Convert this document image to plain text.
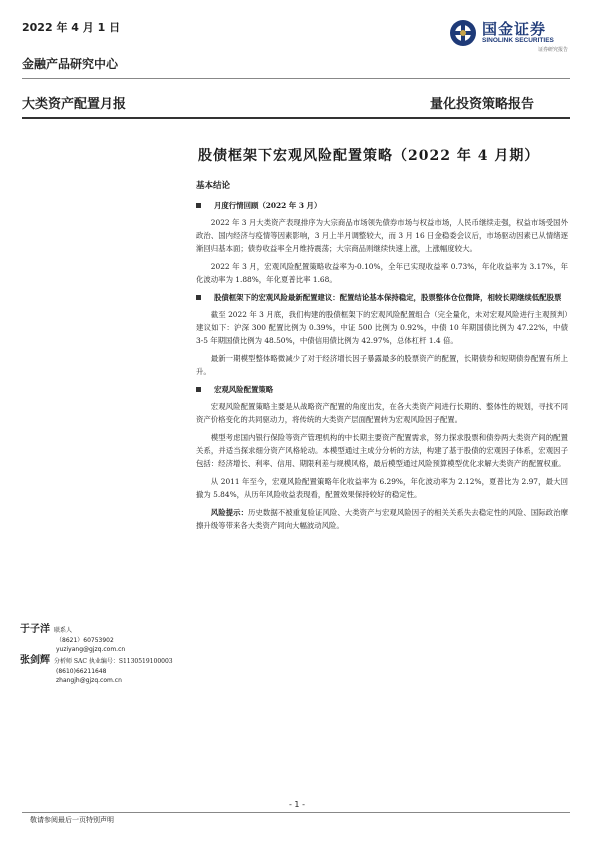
2022 年 4 月 1 日	国金证券
SINOLINK SECURITIES
证券研究报告
金融产品研究中心
大类资产配置月报	量化投资策略报告
股债框架下宏观风险配置策略（2022 年 4 月期）
基本结论
月度行情回顾（2022 年 3 月）

2022 年 3 月大类资产表现排序为大宗商品市场领先债券市场与权益市场，人民币继续走强，权益市场受国外政治、国内经济与疫情等因素影响，3 月上半月调整较大，而 3 月 16 日金稳委会议后，市场驱动因素已从情绪逐渐回归基本面；债券收益率全月维持震荡；大宗商品则继续快速上涨，上涨幅度较大。

2022 年 3 月，宏观风险配置策略收益率为-0.10%，全年已实现收益率 0.73%，年化收益率为 3.17%，年化波动率为 1.88%，年化夏普比率 1.68。

股债框架下的宏观风险最新配置建议：配置结论基本保持稳定，股票整体仓位微降，相较长期继续低配股票

截至 2022 年 3 月底，我们构建的股债框架下的宏观风险配置组合（完全量化，未对宏观风险进行主观预判）建议如下：沪深 300 配置比例为 0.39%，中证 500 比例为 0.92%，中债 10 年期国债比例为 47.22%，中债 3-5 年期国债比例为 48.50%，中债信用债比例为 42.97%，总体杠杆 1.4 倍。

最新一期模型整体略微减少了对于经济增长因子暴露最多的股票资产的配置，长期债券和短期债券配置有所上升。

宏观风险配置策略

宏观风险配置策略主要是从战略资产配置的角度出发，在各大类资产间进行长期的、整体性的规划，寻找不同资产价格变化的共同驱动力，将传统的大类资产层面配置转为宏观风险因子配置。

模型考虑国内银行保险等资产管理机构的中长期主要资产配置需求，努力探求股票和债券两大类资产间的配置关系，并适当探求细分资产风格轮动。本模型通过主成分分析的方法，构建了基于股债的宏观因子体系，宏观因子包括：经济增长、利率、信用、期限利差与规模风格，最后模型通过风险预算模型优化求解大类资产的配置权重。

从 2011 年至今，宏观风险配置策略年化收益率为 6.29%，年化波动率为 2.12%，夏普比为 2.97，最大回撤为 5.84%，从历年风险收益表现看，配置效果保持较好的稳定性。

风险提示：历史数据不被重复验证风险、大类资产与宏观风险因子的相关关系失去稳定性的风险、国际政治摩擦升级等带来各大类资产同向大幅波动风险。

于子洋 联系人
（8621）60753902
yuziyang@gjzq.com.cn
张剑辉 分析师 SAC 执业编号：S1130519100003
(8610)66211648
zhangjh@gjzq.com.cn
- 1 -
敬请参阅最后一页特别声明
